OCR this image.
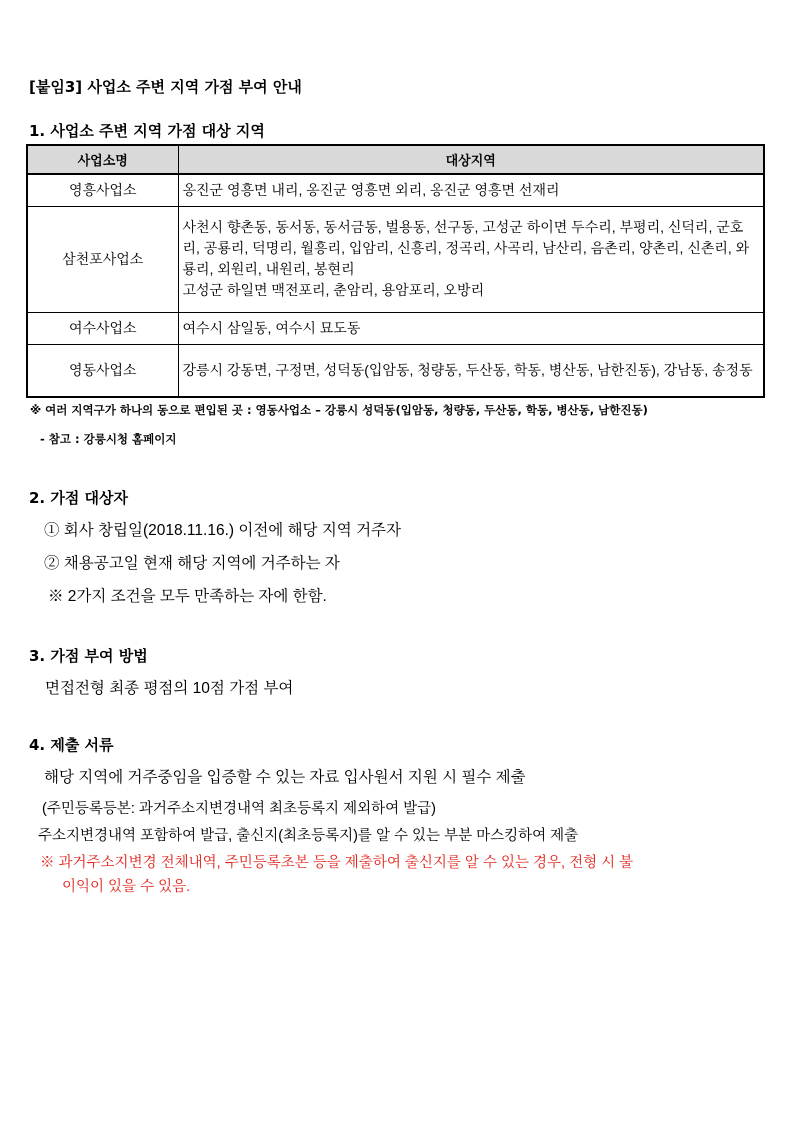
[붙임3] 사업소 주변 지역 가점 부여 안내
1. 사업소 주변 지역 가점 대상 지역
사업소명	대상지역
영흥사업소	옹진군 영흥면 내리, 옹진군 영흥면 외리, 옹진군 영흥면 선재리

삼천포사업소	사천시 향촌동, 동서동, 동서금동, 벌용동, 선구동, 고성군 하이면 두수리, 부평리, 신덕리, 군호리, 공룡리, 덕명리, 월흥리, 입암리, 신흥리, 정곡리, 사곡리, 남산리, 음촌리, 양촌리, 신촌리, 와룡리, 외원리, 내원리, 봉현리
고성군 하일면 맥전포리, 춘암리, 용암포리, 오방리

여수사업소	여수시 삼일동, 여수시 묘도동

영동사업소	강릉시 강동면, 구정면, 성덕동(입암동, 청량동, 두산동, 학동, 병산동, 남한진동), 강남동, 송정동
※ 여러 지역구가 하나의 동으로 편입된 곳 : 영동사업소 – 강릉시 성덕동(입암동, 청량동, 두산동, 학동, 병산동, 남한진동)
- 참고 : 강릉시청 홈페이지
2. 가점 대상자
① 회사 창립일(2018.11.16.) 이전에 해당 지역 거주자
② 채용공고일 현재 해당 지역에 거주하는 자
※ 2가지 조건을 모두 만족하는 자에 한함.
3. 가점 부여 방법
면접전형 최종 평점의 10점 가점 부여
4. 제출 서류
해당 지역에 거주중임을 입증할 수 있는 자료 입사원서 지원 시 필수 제출
(주민등록등본: 과거주소지변경내역 최초등록지 제외하여 발급)
주소지변경내역 포함하여 발급, 출신지(최초등록지)를 알 수 있는 부분 마스킹하여 제출
※ 과거주소지변경 전체내역, 주민등록초본 등을 제출하여 출신지를 알 수 있는 경우, 전형 시 불
이익이 있을 수 있음.
